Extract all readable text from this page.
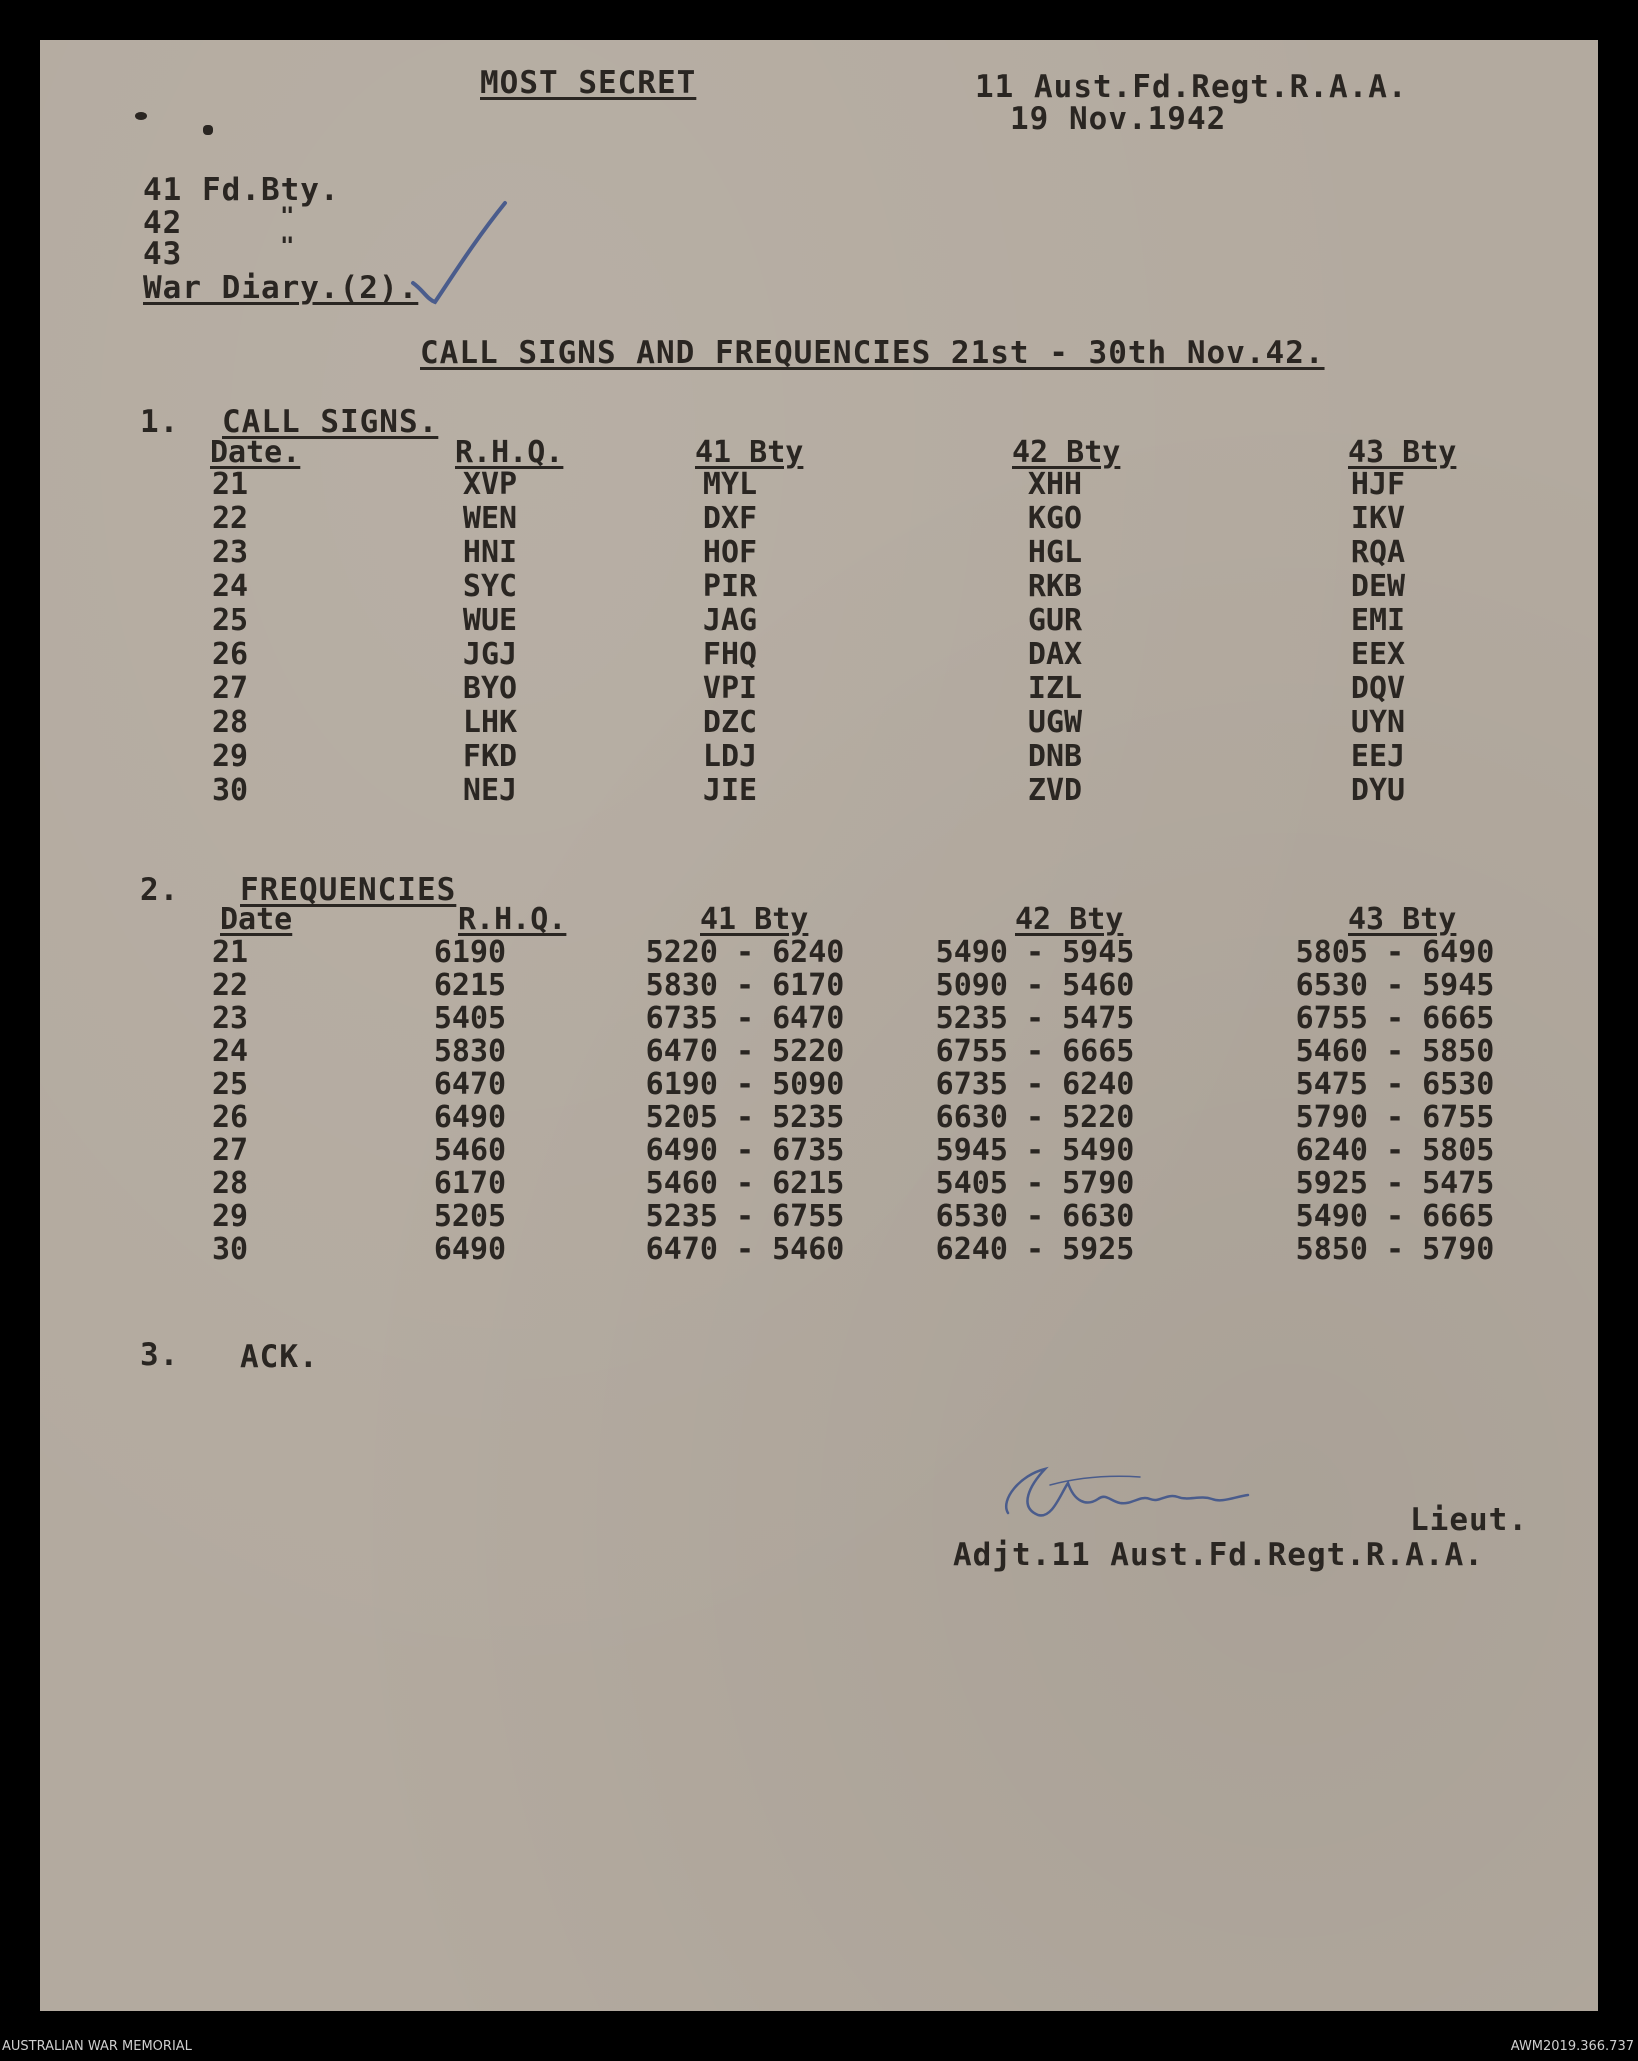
MOST SECRET	11 Aust.Fd.Regt.R.A.A.
19 Nov.1942
41 Fd.Bty.
42	"
43	"
War Diary.(2).
CALL SIGNS AND FREQUENCIES 21st - 30th Nov.42.
1. CALL SIGNS.
Date.	R.H.Q.	41 Bty	42 Bty	43 Bty
21	XVP	MYL	XHH	HJF
22	WEN	DXF	KGO	IKV
23	HNI	HOF	HGL	RQA
24	SYC	PIR	RKB	DEW
25	WUE	JAG	GUR	EMI
26	JGJ	FHQ	DAX	EEX
27	BYO	VPI	IZL	DQV
28	LHK	DZC	UGW	UYN
29	FKD	LDJ	DNB	EEJ
30	NEJ	JIE	ZVD	DYU
2. FREQUENCIES
Date	R.H.Q.	41 Bty	42 Bty	43 Bty
21	6190	5220 - 6240	5490 - 5945	5805 - 6490
22	6215	5830 - 6170	5090 - 5460	6530 - 5945
23	5405	6735 - 6470	5235 - 5475	6755 - 6665
24	5830	6470 - 5220	6755 - 6665	5460 - 5850
25	6470	6190 - 5090	6735 - 6240	5475 - 6530
26	6490	5205 - 5235	6630 - 5220	5790 - 6755
27	5460	6490 - 6735	5945 - 5490	6240 - 5805
28	6170	5460 - 6215	5405 - 5790	5925 - 5475
29	5205	5235 - 6755	6530 - 6630	5490 - 6665
30	6490	6470 - 5460	6240 - 5925	5850 - 5790
3. ACK.
Lieut.
Adjt.11 Aust.Fd.Regt.R.A.A.
AUSTRALIAN WAR MEMORIAL	AWM2019.366.737
